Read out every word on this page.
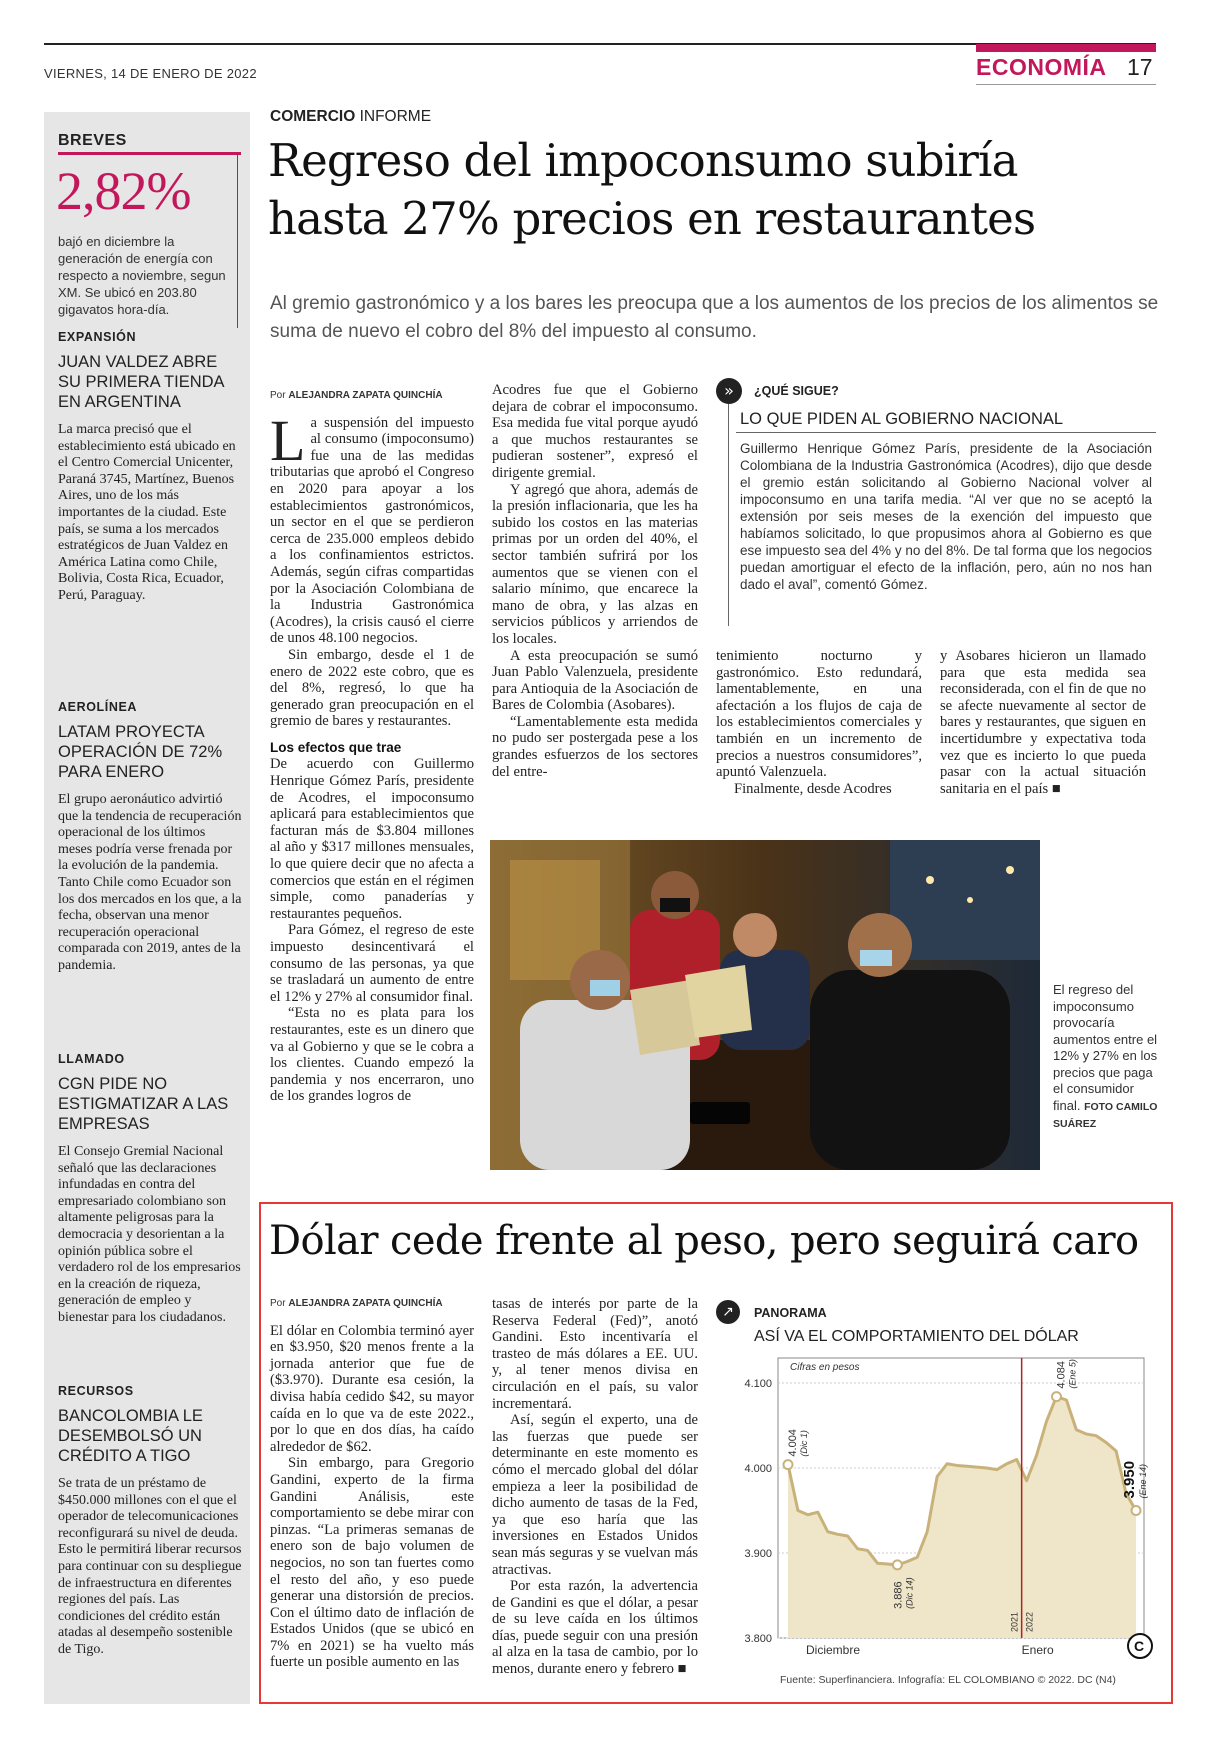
VIERNES, 14 DE ENERO DE 2022	ECONOMÍA 17
BREVES
2,82%
bajó en diciembre la generación de energía con respecto a noviembre, segun XM. Se ubicó en 203.80 gigavatos hora-día.
EXPANSIÓN
JUAN VALDEZ ABRE SU PRIMERA TIENDA EN ARGENTINA
La marca precisó que el establecimiento está ubicado en el Centro Comercial Unicenter, Paraná 3745, Martínez, Buenos Aires, uno de los más importantes de la ciudad. Este país, se suma a los mercados estratégicos de Juan Valdez en América Latina como Chile, Bolivia, Costa Rica, Ecuador, Perú, Paraguay.
AEROLÍNEA
LATAM PROYECTA OPERACIÓN DE 72% PARA ENERO
El grupo aeronáutico advirtió que la tendencia de recuperación operacional de los últimos meses podría verse frenada por la evolución de la pandemia. Tanto Chile como Ecuador son los dos mercados en los que, a la fecha, observan una menor recuperación operacional comparada con 2019, antes de la pandemia.
LLAMADO
CGN PIDE NO ESTIGMATIZAR A LAS EMPRESAS
El Consejo Gremial Nacional señaló que las declaraciones infundadas en contra del empresariado colombiano son altamente peligrosas para la democracia y desorientan a la opinión pública sobre el verdadero rol de los empresarios en la creación de riqueza, generación de empleo y bienestar para los ciudadanos.
RECURSOS
BANCOLOMBIA LE DESEMBOLSÓ UN CRÉDITO A TIGO
Se trata de un préstamo de $450.000 millones con el que el operador de telecomunicaciones reconfigurará su nivel de deuda. Esto le permitirá liberar recursos para continuar con su despliegue de infraestructura en diferentes regiones del país. Las condiciones del crédito están atadas al desempeño sostenible de Tigo.
COMERCIO INFORME
Regreso del impoconsumo subiría hasta 27% precios en restaurantes
Al gremio gastronómico y a los bares les preocupa que a los aumentos de los precios de los alimentos se suma de nuevo el cobro del 8% del impuesto al consumo.
Por ALEJANDRA ZAPATA QUINCHÍA
L a suspensión del impuesto al consumo (impoconsumo) fue una de las medidas tributarias que aprobó el Congreso en 2020 para apoyar a los establecimientos gastronómicos, un sector en el que se perdieron cerca de 235.000 empleos debido a los confinamientos estrictos. Además, según cifras compartidas por la Asociación Colombiana de la Industria Gastronómica (Acodres), la crisis causó el cierre de unos 48.100 negocios.

Sin embargo, desde el 1 de enero de 2022 este cobro, que es del 8%, regresó, lo que ha generado gran preocupación en el gremio de bares y restaurantes.

Los efectos que trae

De acuerdo con Guillermo Henrique Gómez París, presidente de Acodres, el impoconsumo aplicará para establecimientos que facturan más de $3.804 millones al año y $317 millones mensuales, lo que quiere decir que no afecta a comercios que están en el régimen simple, como panaderías y restaurantes pequeños.

Para Gómez, el regreso de este impuesto desincentivará el consumo de las personas, ya que se trasladará un aumento de entre el 12% y 27% al consumidor final.

“Esta no es plata para los restaurantes, este es un dinero que va al Gobierno y que se le cobra a los clientes. Cuando empezó la pandemia y nos encerraron, uno de los grandes logros de

Acodres fue que el Gobierno dejara de cobrar el impoconsumo. Esa medida fue vital porque ayudó a que muchos restaurantes se pudieran sostener”, expresó el dirigente gremial.

Y agregó que ahora, además de la presión inflacionaria, que les ha subido los costos en las materias primas por un orden del 40%, el sector también sufrirá por los aumentos que se vienen con el salario mínimo, que encarece la mano de obra, y las alzas en servicios públicos y arriendos de los locales.

A esta preocupación se sumó Juan Pablo Valenzuela, presidente para Antioquia de la Asociación de Bares de Colombia (Asobares).

“Lamentablemente esta medida no pudo ser postergada pese a los grandes esfuerzos de los sectores del entre-

»	¿QUÉ SIGUE?
LO QUE PIDEN AL GOBIERNO NACIONAL
Guillermo Henrique Gómez París, presidente de la Asociación Colombiana de la Industria Gastronómica (Acodres), dijo que desde el gremio están solicitando al Gobierno Nacional volver al impoconsumo en una tarifa media. “Al ver que no se aceptó la extensión por seis meses de la exención del impuesto que habíamos solicitado, lo que propusimos ahora al Gobierno es que ese impuesto sea del 4% y no del 8%. De tal forma que los negocios puedan amortiguar el efecto de la inflación, pero, aún no nos han dado el aval”, comentó Gómez.

tenimiento nocturno y gastronómico. Esto redundará, lamentablemente, en una afectación a los flujos de caja de los establecimientos comerciales y también en un incremento de precios a nuestros consumidores”, apuntó Valenzuela.

Finalmente, desde Acodres

y Asobares hicieron un llamado para que esta medida sea reconsiderada, con el fin de que no se afecte nuevamente al sector de bares y restaurantes, que siguen en incertidumbre y expectativa toda vez que es incierto lo que pueda pasar con la actual situación sanitaria en el país ■

El regreso del impoconsumo provocaría aumentos entre el 12% y 27% en los precios que paga el consumidor final. FOTO CAMILO SUÁREZ
Dólar cede frente al peso, pero seguirá caro
Por ALEJANDRA ZAPATA QUINCHÍA

El dólar en Colombia terminó ayer en $3.950, $20 menos frente a la jornada anterior que fue de ($3.970). Durante esa cesión, la divisa había cedido $42, su mayor caída en lo que va de este 2022., por lo que en dos días, ha caído alrededor de $62.

Sin embargo, para Gregorio Gandini, experto de la firma Gandini Análisis, este comportamiento se debe mirar con pinzas. “La primeras semanas de enero son de bajo volumen de negocios, no son tan fuertes como el resto del año, y eso puede generar una distorsión de precios. Con el último dato de inflación de Estados Unidos (que se ubicó en 7% en 2021) se ha vuelto más fuerte un posible aumento en las

tasas de interés por parte de la Reserva Federal (Fed)”, anotó Gandini. Esto incentivaría el trasteo de más dólares a EE. UU. y, al tener menos divisa en circulación en el país, su valor incrementará.

Así, según el experto, una de las fuerzas que puede ser determinante en este momento es cómo el mercado global del dólar empieza a leer la posibilidad de dicho aumento de tasas de la Fed, ya que eso haría que las inversiones en Estados Unidos sean más seguras y se vuelvan más atractivas.

Por esta razón, la advertencia de Gandini es que el dólar, a pesar de su leve caída en los últimos días, puede seguir con una presión al alza en la tasa de cambio, por lo menos, durante enero y febrero ■

↗	PANORAMA
ASÍ VA EL COMPORTAMIENTO DEL DÓLAR
3.800
3.900
4.000
4.100
Cifras en pesos
2021 2022
4.004 (Dic 1)
3.886 (Dic 14)
4.084 (Ene 5)
3.950 (Ene 14)
Diciembre	Enero	C
Fuente: Superfinanciera. Infografía: EL COLOMBIANO © 2022. DC (N4)
